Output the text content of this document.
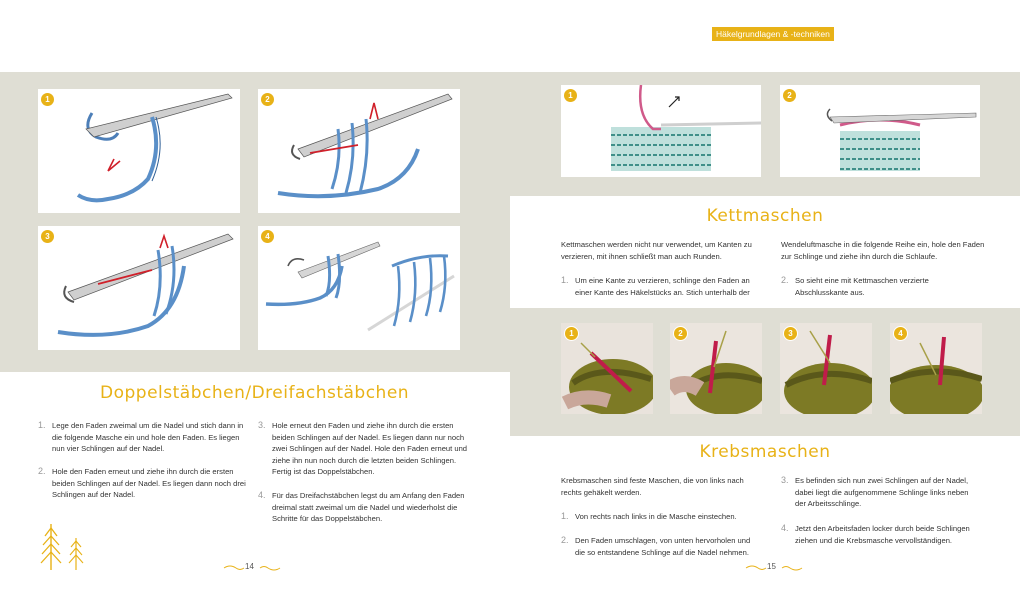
Häkelgrundlagen & -techniken
1	2
3	4
Doppelstäbchen/Dreifachstäbchen
1. Lege den Faden zweimal um die Nadel und stich dann in die folgende Masche ein und hole den Faden. Es liegen nun vier Schlingen auf der Nadel.
2. Hole den Faden erneut und ziehe ihn durch die ersten beiden Schlingen auf der Nadel. Es liegen dann noch drei Schlingen auf der Nadel.
3. Hole erneut den Faden und ziehe ihn durch die ersten beiden Schlingen auf der Nadel. Es liegen dann nur noch zwei Schlingen auf der Nadel. Hole den Faden erneut und ziehe ihn nun noch durch die letzten beiden Schlingen. Fertig ist das Doppelstäbchen.
4. Für das Dreifachstäbchen legst du am Anfang den Faden dreimal statt zweimal um die Nadel und wiederholst die Schritte für das Doppelstäbchen.
14
1	2
Kettmaschen
Kettmaschen werden nicht nur verwendet, um Kanten zu verzieren, mit ihnen schließt man auch Runden.
1. Um eine Kante zu verzieren, schlinge den Faden an einer Kante des Häkelstücks an. Stich unterhalb der
Wendeluftmasche in die folgende Reihe ein, hole den Faden zur Schlinge und ziehe ihn durch die Schlaufe.
2. So sieht eine mit Kettmaschen verzierte Abschlusskante aus.
1	2	3	4
Krebsmaschen
Krebsmaschen sind feste Maschen, die von links nach rechts gehäkelt werden.
1. Von rechts nach links in die Masche einstechen.
2. Den Faden umschlagen, von unten hervorholen und die so entstandene Schlinge auf die Nadel nehmen.
3. Es befinden sich nun zwei Schlingen auf der Nadel, dabei liegt die aufgenommene Schlinge links neben der Arbeitsschlinge.
4. Jetzt den Arbeitsfaden locker durch beide Schlingen ziehen und die Krebsmasche vervollständigen.
15
